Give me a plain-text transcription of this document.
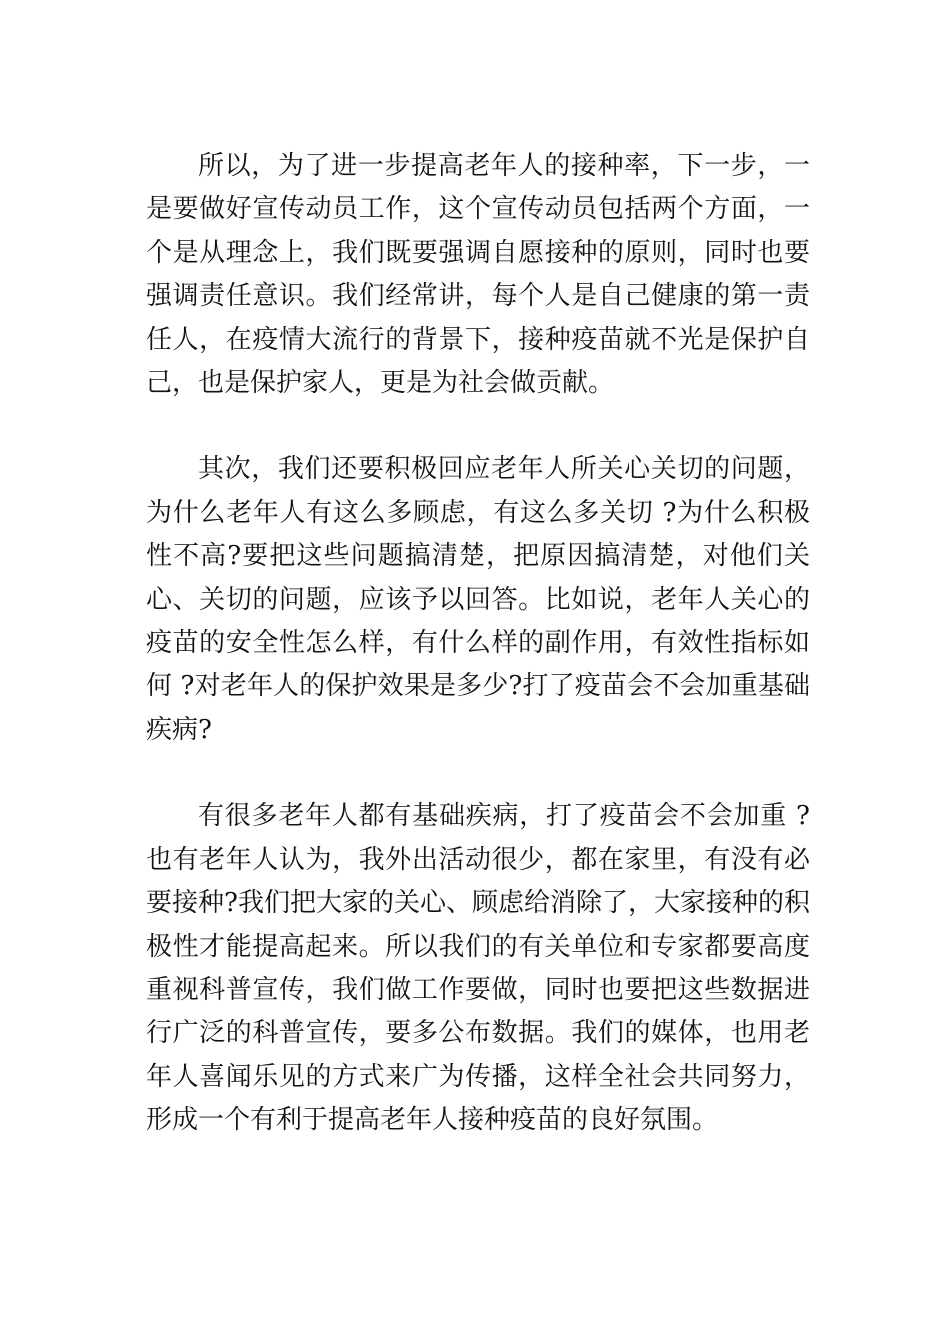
所以，为了进一步提高老年人的接种率，下一步，一是要做好宣传动员工作，这个宣传动员包括两个方面，一个是从理念上，我们既要强调自愿接种的原则，同时也要强调责任意识。我们经常讲，每个人是自己健康的第一责任人，在疫情大流行的背景下，接种疫苗就不光是保护自己，也是保护家人，更是为社会做贡献。

其次，我们还要积极回应老年人所关心关切的问题，为什么老年人有这么多顾虑，有这么多关切 ?为什么积极性不高?要把这些问题搞清楚，把原因搞清楚，对他们关心、关切的问题，应该予以回答。比如说，老年人关心的疫苗的安全性怎么样，有什么样的副作用，有效性指标如何 ?对老年人的保护效果是多少?打了疫苗会不会加重基础疾病?

有很多老年人都有基础疾病，打了疫苗会不会加重 ?也有老年人认为，我外出活动很少，都在家里，有没有必要接种?我们把大家的关心、顾虑给消除了，大家接种的积极性才能提高起来。所以我们的有关单位和专家都要高度重视科普宣传，我们做工作要做，同时也要把这些数据进行广泛的科普宣传，要多公布数据。我们的媒体，也用老年人喜闻乐见的方式来广为传播，这样全社会共同努力，形成一个有利于提高老年人接种疫苗的良好氛围。
